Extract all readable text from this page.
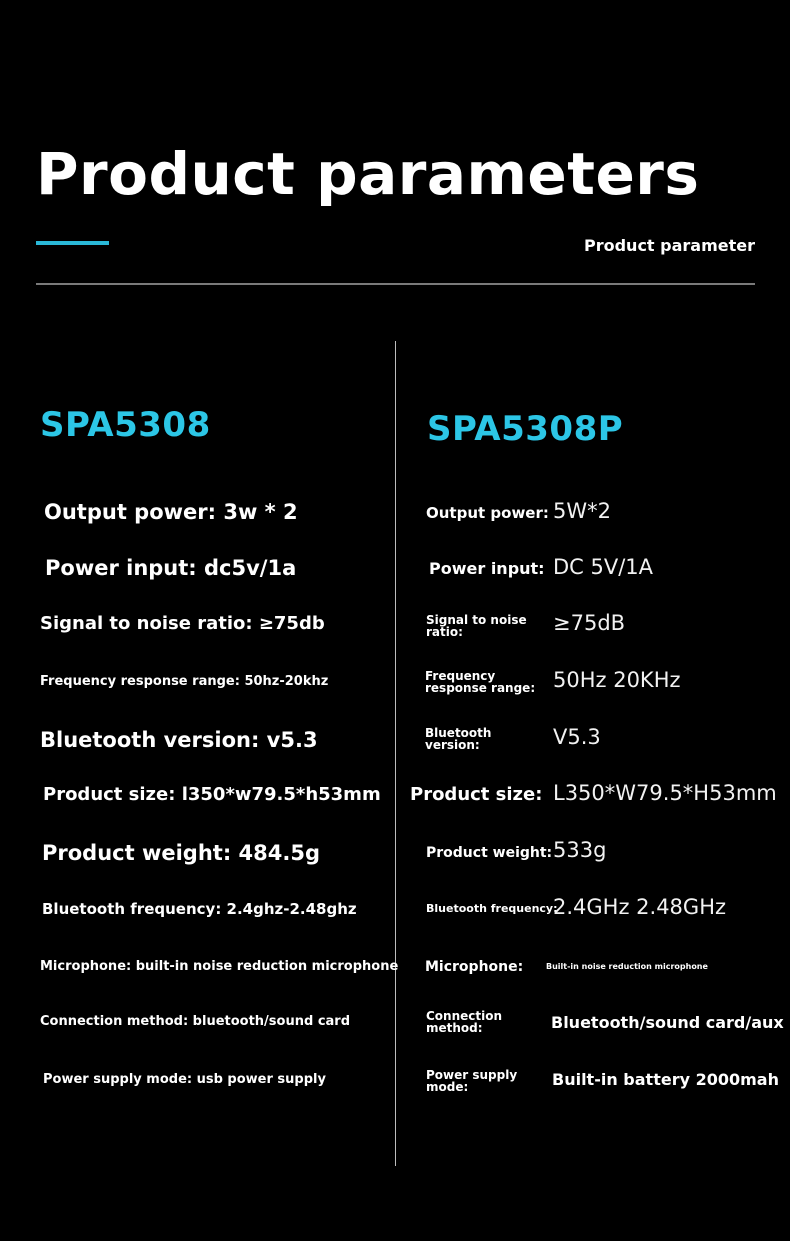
Product parameters
Product parameter
SPA5308
Output power: 3w * 2
Power input: dc5v/1a
Signal to noise ratio: ≥75db
Frequency response range: 50hz-20khz
Bluetooth version: v5.3
Product size: l350*w79.5*h53mm
Product weight: 484.5g
Bluetooth frequency: 2.4ghz-2.48ghz
Microphone: built-in noise reduction microphone
Connection method: bluetooth/sound card
Power supply mode: usb power supply
SPA5308P
Output power: 5W*2
Power input: DC 5V/1A
Signal to noise ratio:	≥75dB
Frequency response range: 50Hz 20KHz
Bluetooth version:	V5.3
Product size: L350*W79.5*H53mm
Product weight: 533g
Bluetooth frequency:
2.4GHz 2.48GHz
Microphone:	Built-in noise reduction microphone
Connection method:	Bluetooth/sound card/aux
Power supply mode:	Built-in battery 2000mah
